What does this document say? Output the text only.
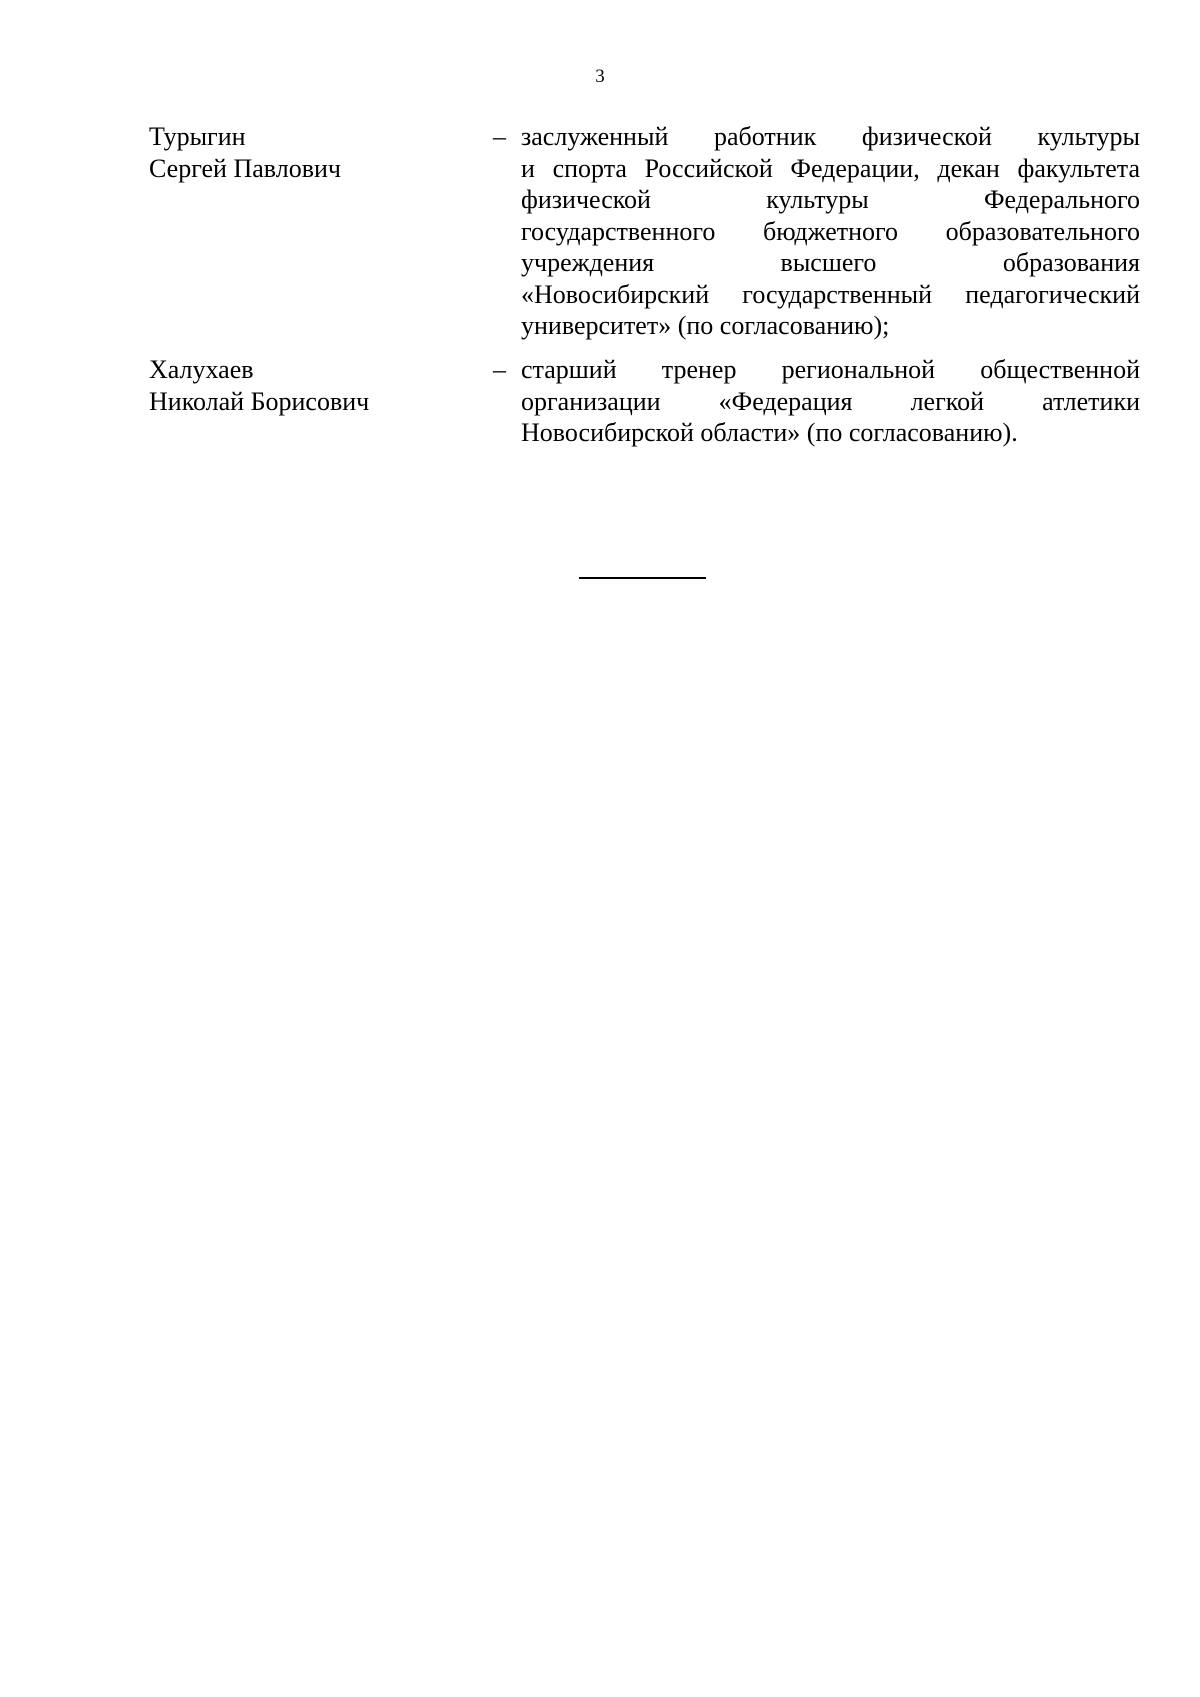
3
Турыгин
Сергей Павлович
– заслуженный работник физической культуры
и спорта Российской Федерации, декан факультета
физической культуры Федерального
государственного бюджетного образовательного
учреждения высшего образования
«Новосибирский государственный педагогический
университет» (по согласованию);
Халухаев
Николай Борисович
– старший тренер региональной общественной
организации «Федерация легкой атлетики
Новосибирской области» (по согласованию).
